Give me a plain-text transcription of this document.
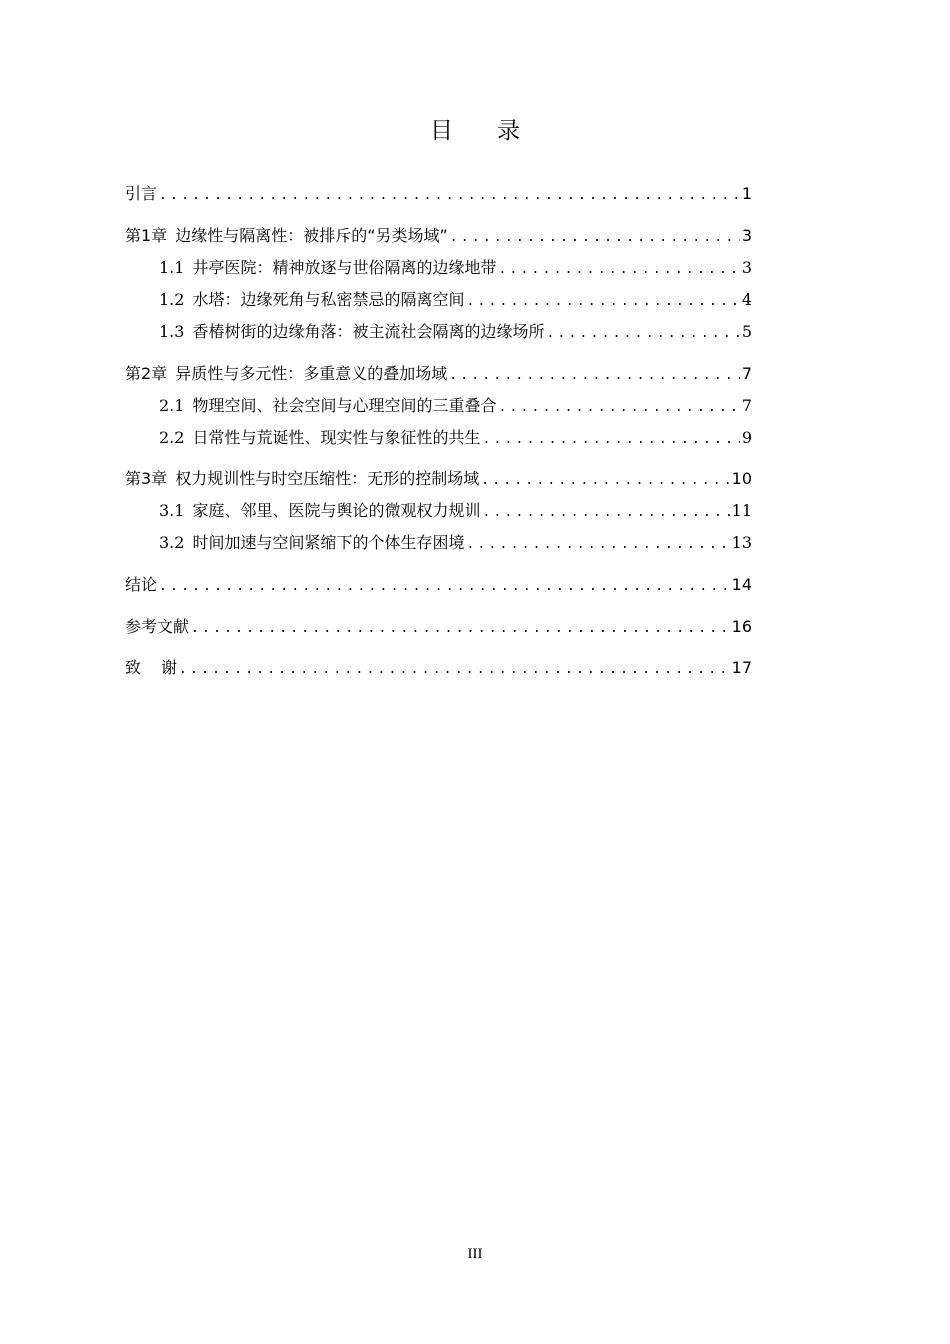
目 录
引言 .....	1
第1章 边缘性与隔离性：被排斥的“另类场域” .....	3
1.1 井亭医院：精神放逐与世俗隔离的边缘地带 .....	3
1.2 水塔：边缘死角与私密禁忌的隔离空间 .....	4
1.3 香椿树街的边缘角落：被主流社会隔离的边缘场所 .....	5
第2章 异质性与多元性：多重意义的叠加场域 .....	7
2.1 物理空间、社会空间与心理空间的三重叠合 .....	7
2.2 日常性与荒诞性、现实性与象征性的共生 .....	9
第3章 权力规训性与时空压缩性：无形的控制场域 .....	10
3.1 家庭、邻里、医院与舆论的微观权力规训 .....	11
3.2 时间加速与空间紧缩下的个体生存困境 .....	13
结论 .....	14
参考文献 .....	16
致 谢 .....	17
III
